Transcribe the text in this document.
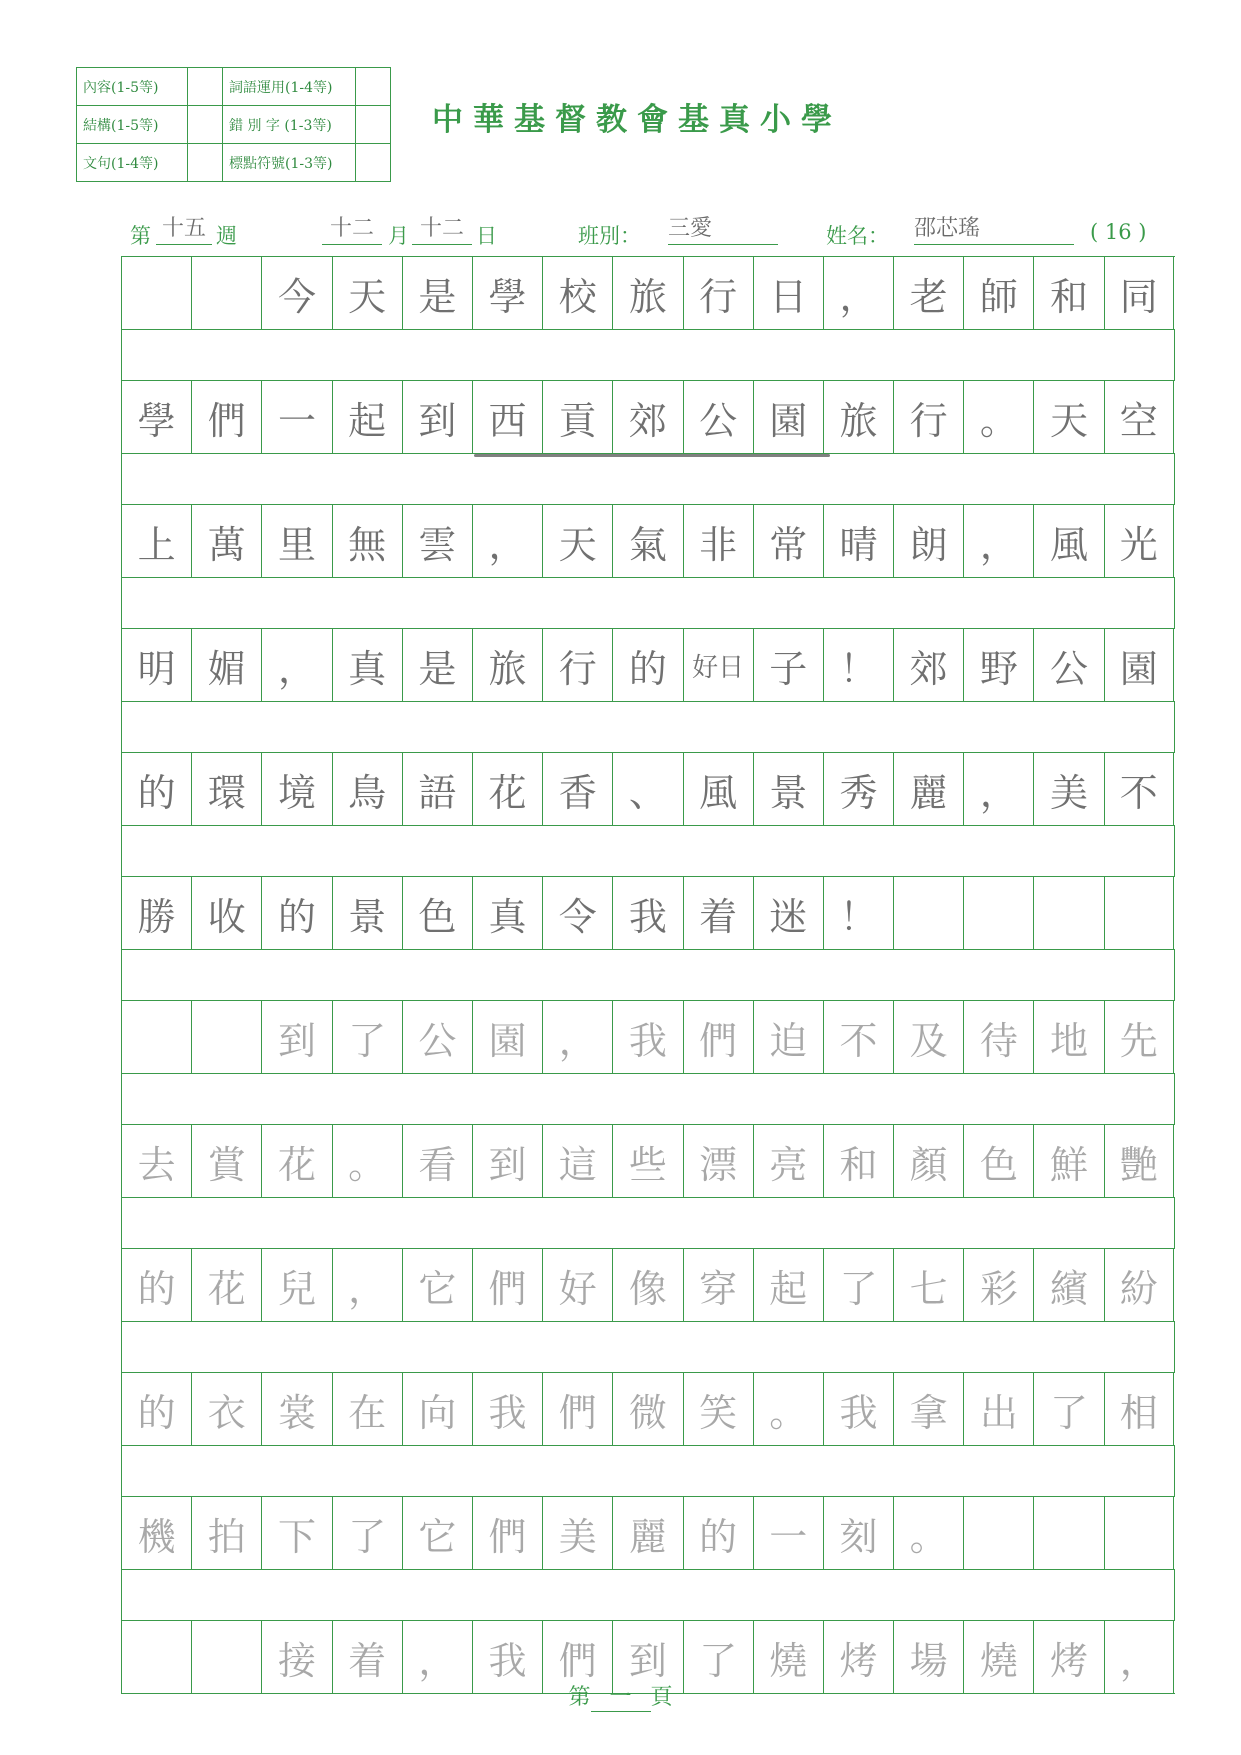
內容(1-5等)		詞語運用(1-4等)	
結構(1-5等)		錯 別 字 (1-3等)	
文句(1-4等)		標點符號(1-3等)	
中華基督教會基真小學
第 十五 週	十二 月 十二 日	班別： 三愛	姓名： 邵芯瑤	( 16 )
今 天 是 學 校 旅 行 日 ， 老 師 和 同
學 們 一 起 到 西 貢 郊 公 園 旅 行 。 天 空
上 萬 里 無 雲 ， 天 氣 非 常 晴 朗 ， 風 光
明 媚 ， 真 是 旅 行 的 好日 子 ！ 郊 野 公 園
的 環 境 鳥 語 花 香 、 風 景 秀 麗 ， 美 不
勝 收 的 景 色 真 令 我 着 迷 ！
到 了 公 園 ， 我 們 迫 不 及 待 地 先
去 賞 花 。 看 到 這 些 漂 亮 和 顏 色 鮮 艷
的 花 兒 ， 它 們 好 像 穿 起 了 七 彩 繽 紛
的 衣 裳 在 向 我 們 微 笑 。 我 拿 出 了 相
機 拍 下 了 它 們 美 麗 的 一 刻 。
接 着 ， 我 們 到 了 燒 烤 場 燒 烤 ，
第 一 頁
